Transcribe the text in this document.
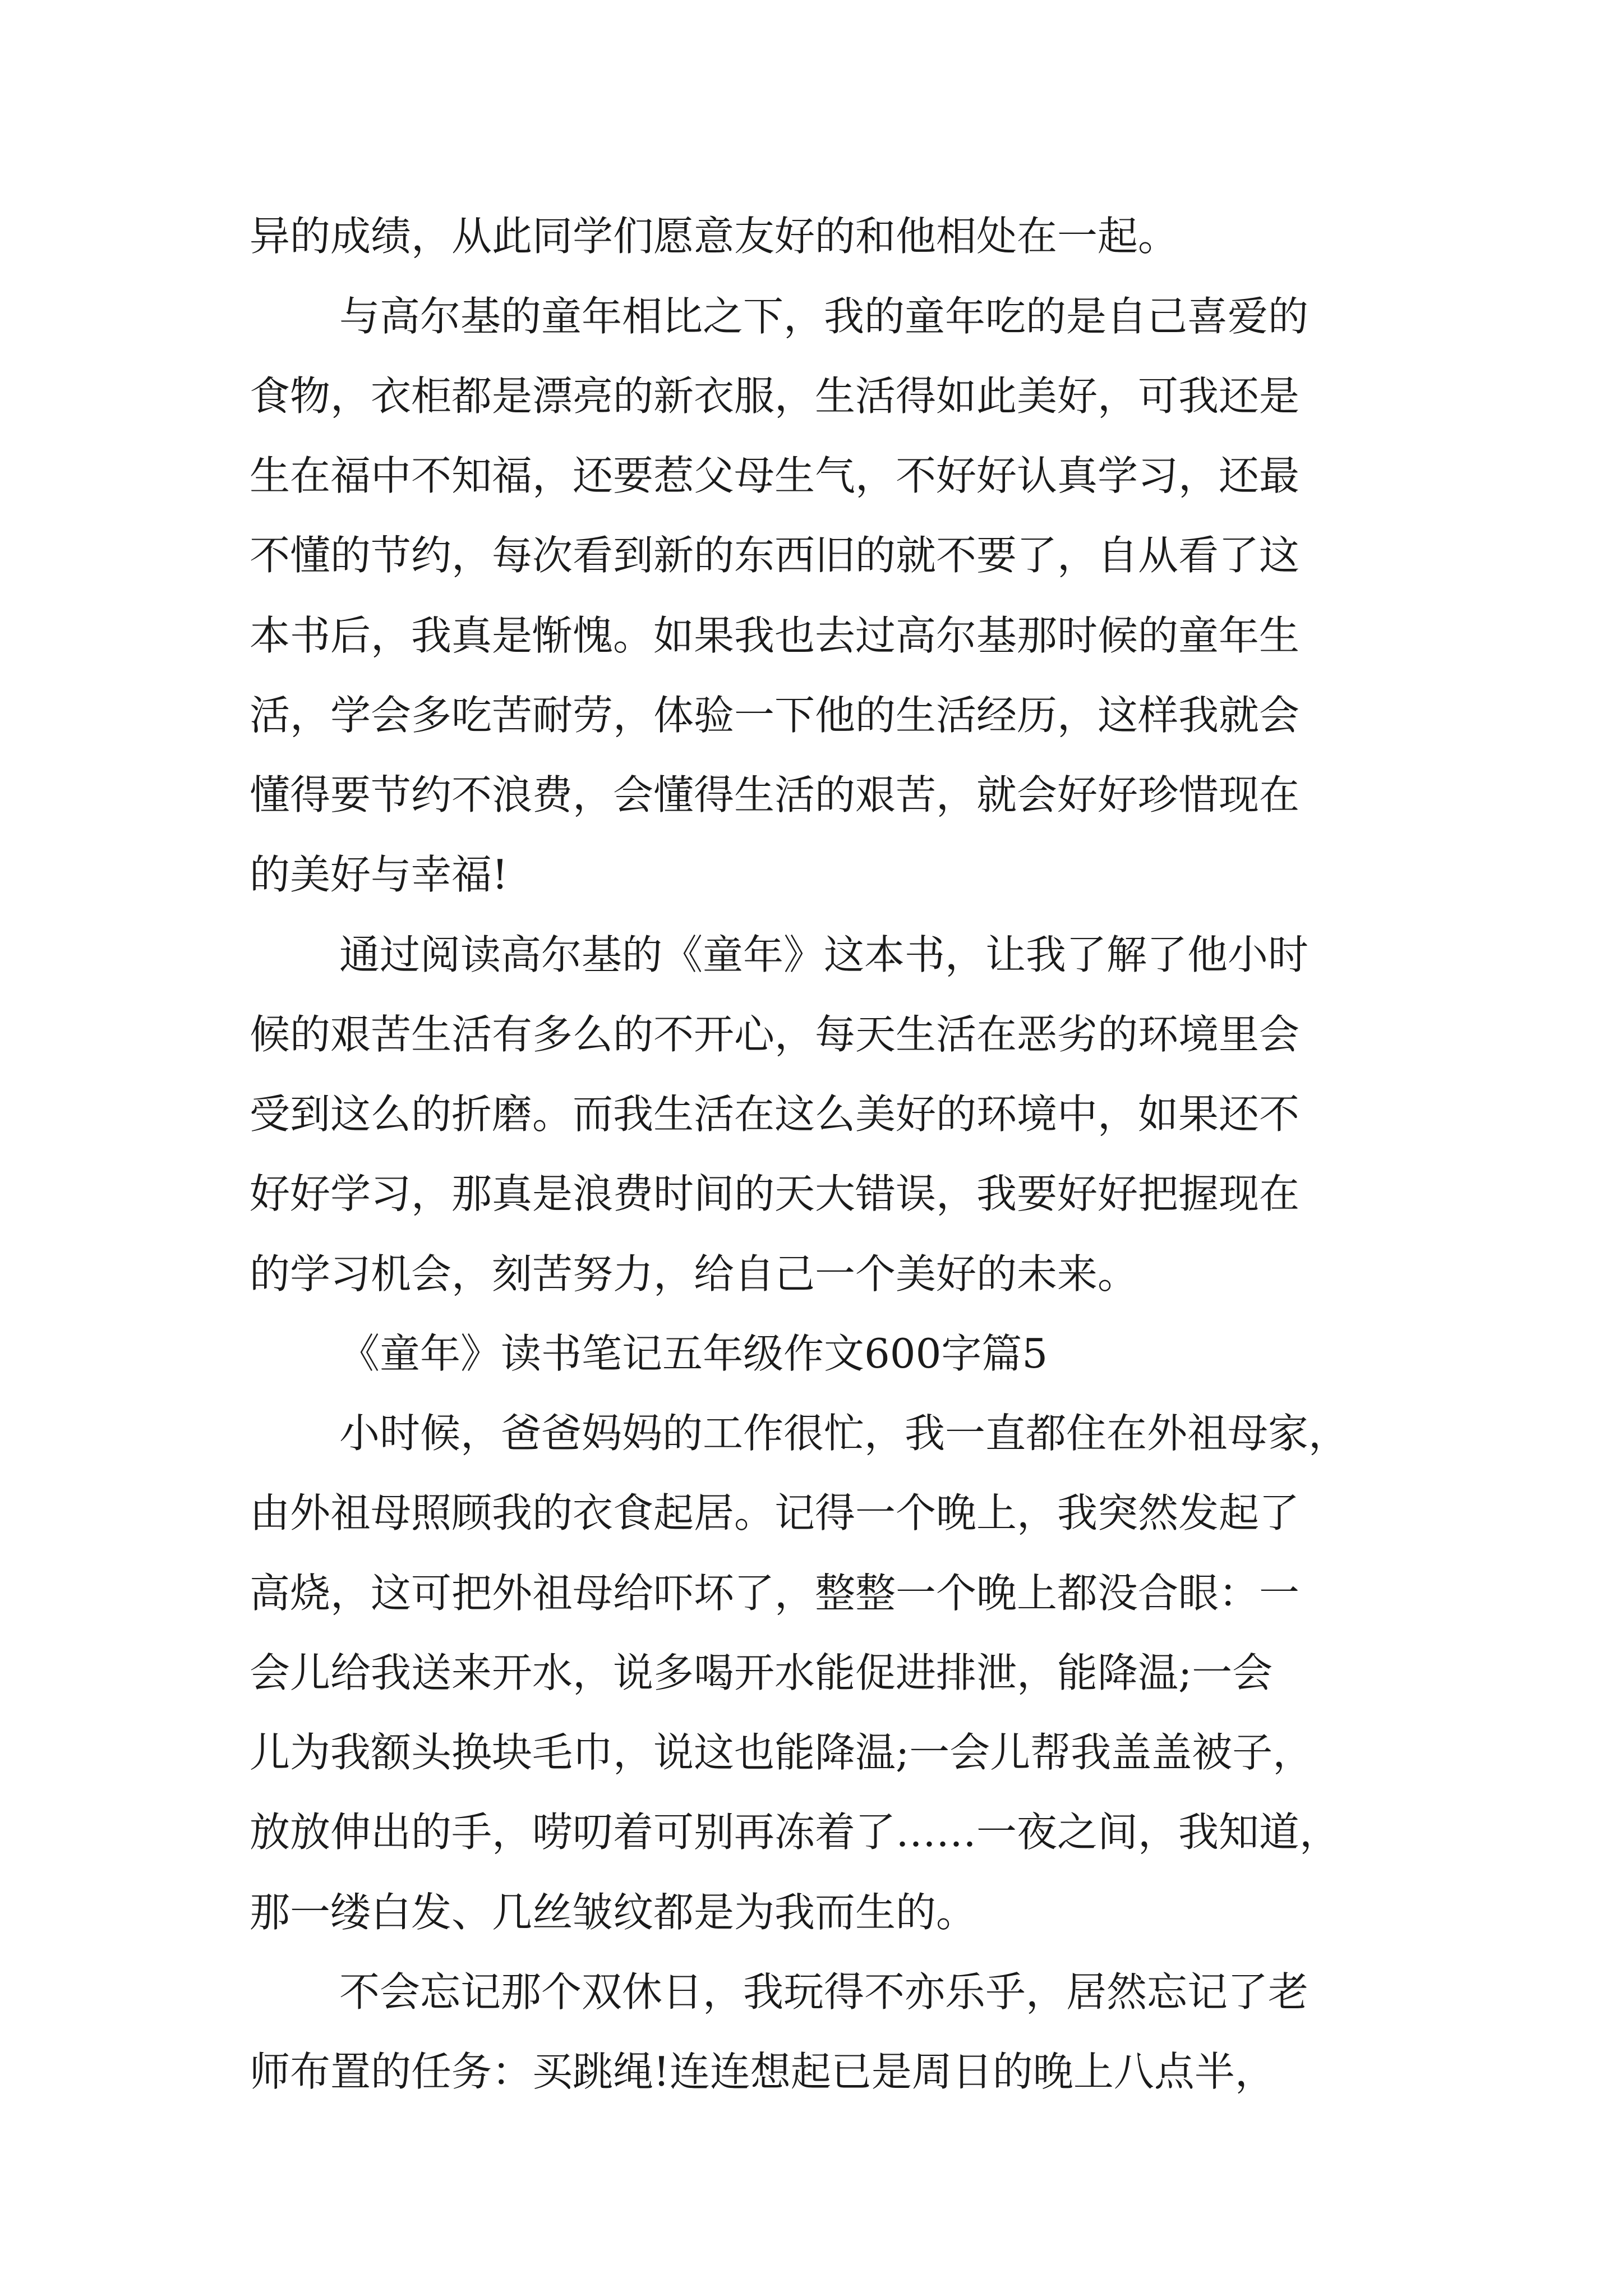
异的成绩，从此同学们愿意友好的和他相处在一起。
与高尔基的童年相比之下，我的童年吃的是自己喜爱的
食物，衣柜都是漂亮的新衣服，生活得如此美好，可我还是
生在福中不知福，还要惹父母生气，不好好认真学习，还最
不懂的节约，每次看到新的东西旧的就不要了，自从看了这
本书后，我真是惭愧。如果我也去过高尔基那时候的童年生
活，学会多吃苦耐劳，体验一下他的生活经历，这样我就会
懂得要节约不浪费，会懂得生活的艰苦，就会好好珍惜现在
的美好与幸福!
通过阅读高尔基的《童年》这本书，让我了解了他小时
候的艰苦生活有多么的不开心，每天生活在恶劣的环境里会
受到这么的折磨。而我生活在这么美好的环境中，如果还不
好好学习，那真是浪费时间的天大错误，我要好好把握现在
的学习机会，刻苦努力，给自己一个美好的未来。
《童年》读书笔记五年级作文600字篇5
小时候，爸爸妈妈的工作很忙，我一直都住在外祖母家，
由外祖母照顾我的衣食起居。记得一个晚上，我突然发起了
高烧，这可把外祖母给吓坏了，整整一个晚上都没合眼：一
会儿给我送来开水，说多喝开水能促进排泄，能降温;一会
儿为我额头换块毛巾，说这也能降温;一会儿帮我盖盖被子，
放放伸出的手，唠叨着可别再冻着了……一夜之间，我知道，
那一缕白发、几丝皱纹都是为我而生的。
不会忘记那个双休日，我玩得不亦乐乎，居然忘记了老
师布置的任务：买跳绳!连连想起已是周日的晚上八点半，
